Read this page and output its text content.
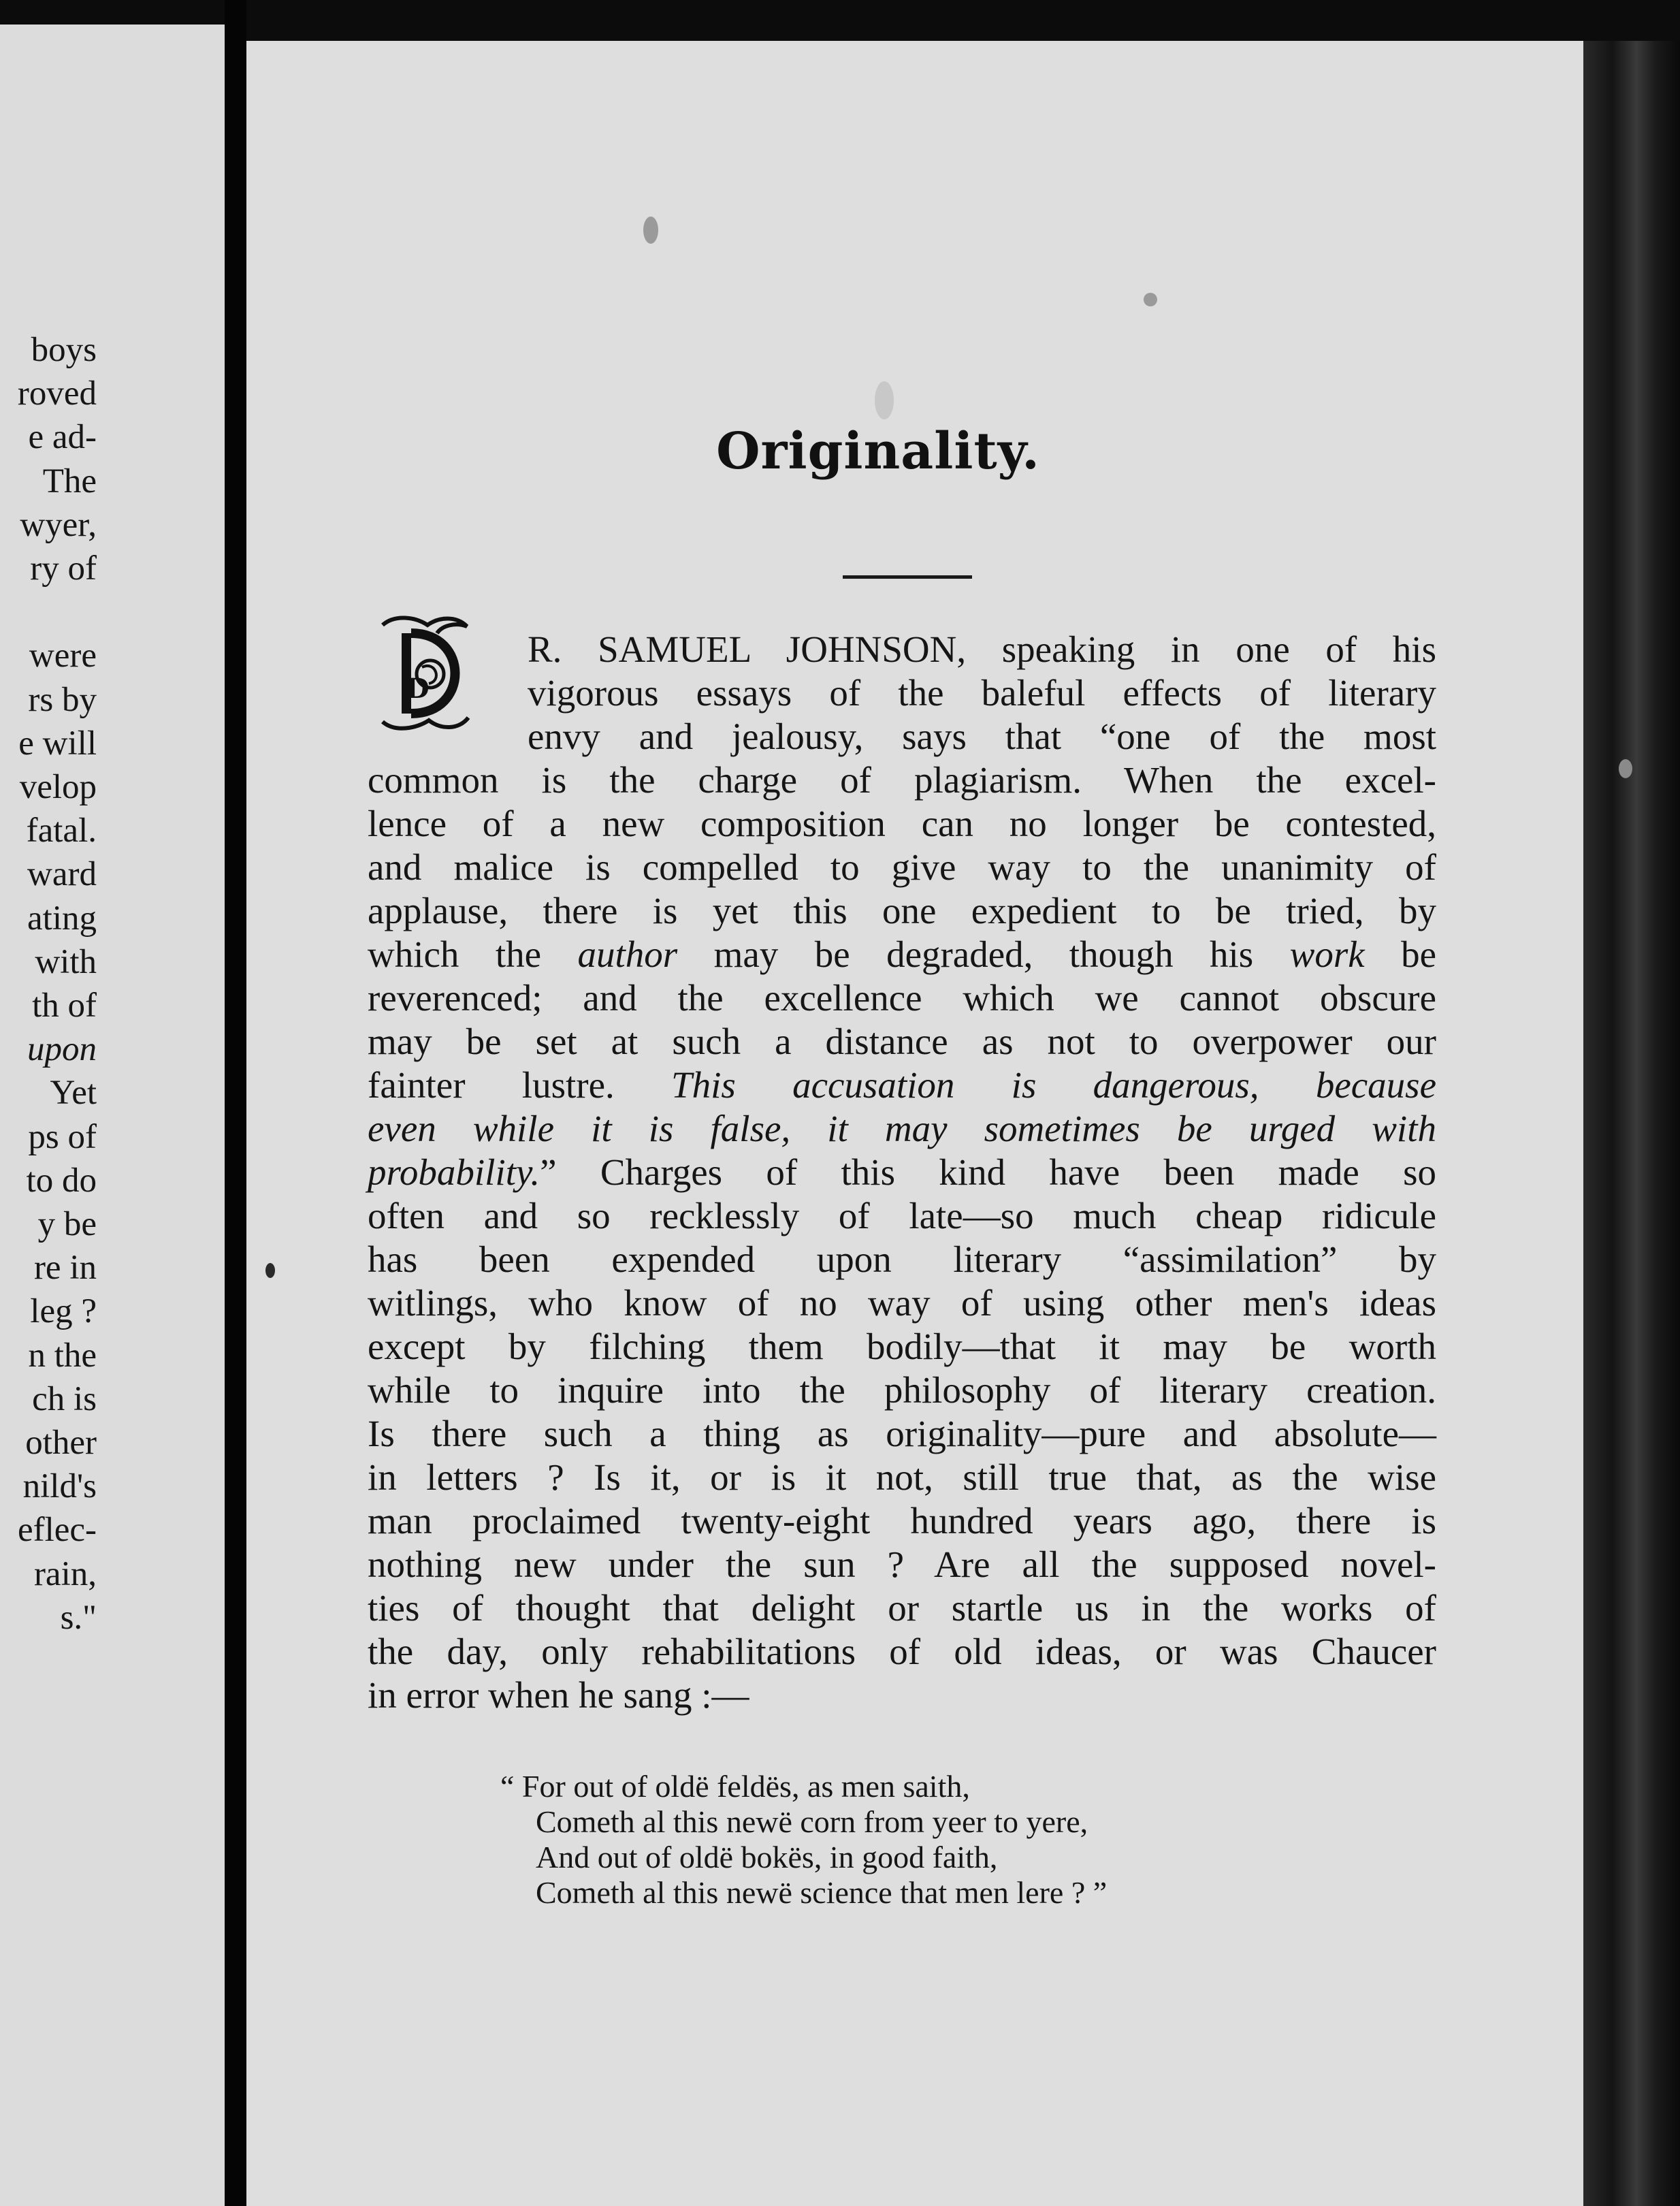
boys
roved
e ad-
The
wyer,
ry of

were
rs by
e will
velop
fatal.
ward
ating
with
th of
upon
Yet
ps of
to do
y be
re in
leg ?
n the
ch is
other
nild's
eflec-
rain,
s."
Originality.
D
R. SAMUEL JOHNSON, speaking in one of his
vigorous essays of the baleful effects of literary
envy and jealousy, says that “one of the most
common is the charge of plagiarism. When the excel-
lence of a new composition can no longer be contested,
and malice is compelled to give way to the unanimity of
applause, there is yet this one expedient to be tried, by
which the author may be degraded, though his work be
reverenced; and the excellence which we cannot obscure
may be set at such a distance as not to overpower our
fainter lustre. This accusation is dangerous, because
even while it is false, it may sometimes be urged with
probability.” Charges of this kind have been made so
often and so recklessly of late—so much cheap ridicule
has been expended upon literary “assimilation” by
witlings, who know of no way of using other men's ideas
except by filching them bodily—that it may be worth
while to inquire into the philosophy of literary creation.
Is there such a thing as originality—pure and absolute—
in letters ? Is it, or is it not, still true that, as the wise
man proclaimed twenty-eight hundred years ago, there is
nothing new under the sun ? Are all the supposed novel-
ties of thought that delight or startle us in the works of
the day, only rehabilitations of old ideas, or was Chaucer
in error when he sang :—
“ For out of oldë feldës, as men saith,
Cometh al this newë corn from yeer to yere,
And out of oldë bokës, in good faith,
Cometh al this newë science that men lere ? ”
